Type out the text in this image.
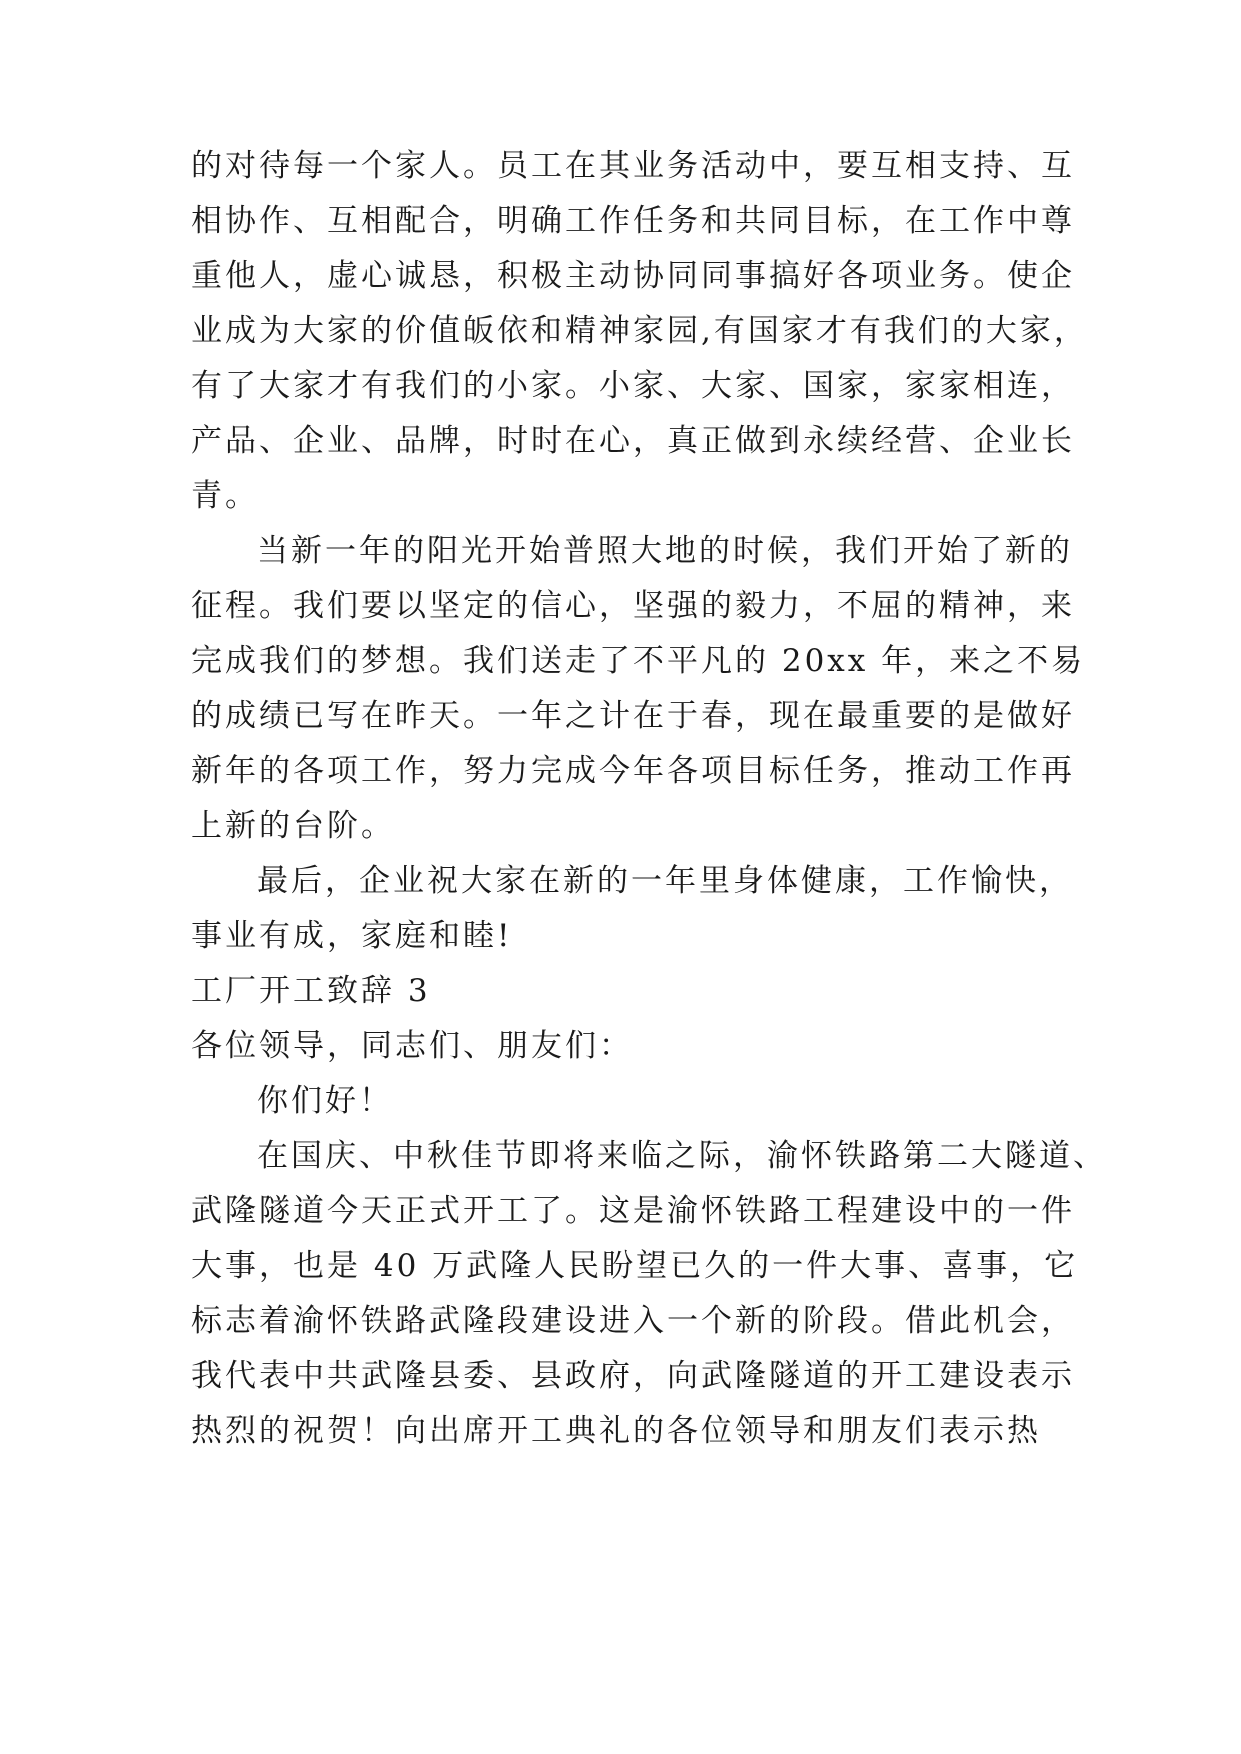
的对待每一个家人。员工在其业务活动中，要互相支持、互
相协作、互相配合，明确工作任务和共同目标，在工作中尊
重他人，虚心诚恳，积极主动协同同事搞好各项业务。使企
业成为大家的价值皈依和精神家园,有国家才有我们的大家，
有了大家才有我们的小家。小家、大家、国家，家家相连，
产品、企业、品牌，时时在心，真正做到永续经营、企业长
青。
当新一年的阳光开始普照大地的时候，我们开始了新的
征程。我们要以坚定的信心，坚强的毅力，不屈的精神，来
完成我们的梦想。我们送走了不平凡的 20xx 年，来之不易
的成绩已写在昨天。一年之计在于春，现在最重要的是做好
新年的各项工作，努力完成今年各项目标任务，推动工作再
上新的台阶。
最后，企业祝大家在新的一年里身体健康，工作愉快，
事业有成，家庭和睦!
工厂开工致辞 3
各位领导，同志们、朋友们：
你们好！
在国庆、中秋佳节即将来临之际，渝怀铁路第二大隧道、
武隆隧道今天正式开工了。这是渝怀铁路工程建设中的一件
大事，也是 40 万武隆人民盼望已久的一件大事、喜事，它
标志着渝怀铁路武隆段建设进入一个新的阶段。借此机会，
我代表中共武隆县委、县政府，向武隆隧道的开工建设表示
热烈的祝贺！向出席开工典礼的各位领导和朋友们表示热
